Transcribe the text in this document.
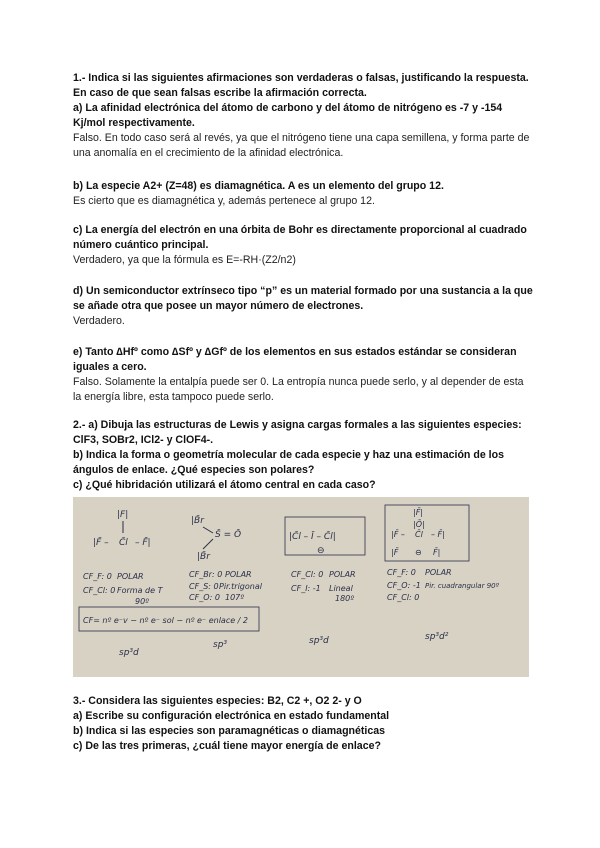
1.- Indica si las siguientes afirmaciones son verdaderas o falsas, justificando la respuesta. En caso de que sean falsas escribe la afirmación correcta.
a) La afinidad electrónica del átomo de carbono y del átomo de nitrógeno es -7 y -154 Kj/mol respectivamente.
Falso. En todo caso será al revés, ya que el nitrógeno tiene una capa semillena, y forma parte de una anomalía en el crecimiento de la afinidad electrónica.
b) La especie A2+ (Z=48) es diamagnética. A es un elemento del grupo 12.
Es cierto que es diamagnética y, además pertenece al grupo 12.
c) La energía del electrón en una órbita de Bohr es directamente proporcional al cuadrado número cuántico principal.
Verdadero, ya que la fórmula es E=-RH·(Z2/n2)
d) Un semiconductor extrínseco tipo “p” es un material formado por una sustancia a la que se añade otra que posee un mayor número de electrones.
Verdadero.
e) Tanto ∆Hfº como ∆Sfº y ∆Gfº de los elementos en sus estados estándar se consideran iguales a cero.
Falso. Solamente la entalpía puede ser 0. La entropía nunca puede serlo, y al depender de esta la energía libre, esta tampoco puede serlo.
2.- a) Dibuja las estructuras de Lewis y asigna cargas formales a las siguientes especies: ClF3, SOBr2, ICl2- y ClOF4-.
b) Indica la forma o geometría molecular de cada especie y haz una estimación de los ángulos de enlace. ¿Qué especies son polares?
c) ¿Qué hibridación utilizará el átomo central en cada caso?
|F|
|F̄ – C̄l – F̄|
|B̄r
S̄ = Ō
|B̄r
|C̄l – Ī – C̄l|
⊖
|F̄|
|Ō|
|F̄ – C̄l – F̄|
|F̄ ⊖ F̄|
CF_F: 0 POLAR
CF_Cl: 0 Forma de T
90º
CF_Br: 0 POLAR
CF_S: 0 Pir.trigonal
CF_O: 0 107º
CF_Cl: 0 POLAR
CF_I: -1 Lineal
180º
CF_F: 0 POLAR
CF_O: -1 Pir. cuadrangular 90º
CF_Cl: 0
CF= nº e⁻v − nº e⁻ sol − nº e⁻ enlace / 2
sp³d
sp³	sp³d	sp³d²
3.- Considera las siguientes especies: B2, C2 +, O2 2- y O
a) Escribe su configuración electrónica en estado fundamental
b) Indica si las especies son paramagnéticas o diamagnéticas
c) De las tres primeras, ¿cuál tiene mayor energía de enlace?
